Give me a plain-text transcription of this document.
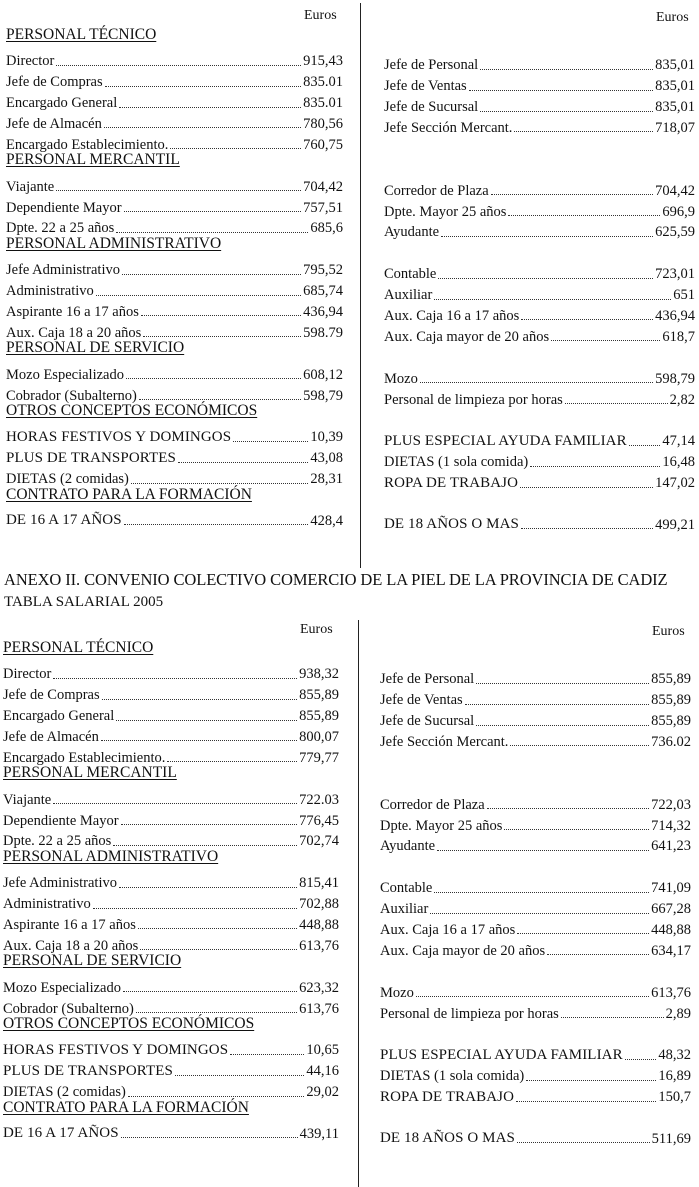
Euros	Euros
PERSONAL TÉCNICO
Director	915,43
Jefe de Compras	835.01
Encargado General	835.01
Jefe de Almacén	780,56
Encargado Establecimiento.	760,75
PERSONAL MERCANTIL
Viajante	704,42
Dependiente Mayor	757,51
Dpte. 22 a 25 años	685,6
PERSONAL ADMINISTRATIVO
Jefe Administrativo	795,52
Administrativo	685,74
Aspirante 16 a 17 años	436,94
Aux. Caja 18 a 20 años	598.79
PERSONAL DE SERVICIO
Mozo Especializado	608,12
Cobrador (Subalterno)	598,79
OTROS CONCEPTOS ECONÓMICOS
HORAS FESTIVOS Y DOMINGOS	10,39
PLUS DE TRANSPORTES	43,08
DIETAS (2 comidas)	28,31
CONTRATO PARA LA FORMACIÓN
DE 16 A 17 AÑOS	428,4
Jefe de Personal	835,01
Jefe de Ventas	835,01
Jefe de Sucursal	835,01
Jefe Sección Mercant.	718,07
Corredor de Plaza	704,42
Dpte. Mayor 25 años	696,9
Ayudante	625,59
Contable	723,01
Auxiliar	651
Aux. Caja 16 a 17 años	436,94
Aux. Caja mayor de 20 años	618,7
Mozo	598,79
Personal de limpieza por horas	2,82
PLUS ESPECIAL AYUDA FAMILIAR 47,14
DIETAS (1 sola comida)	16,48
ROPA DE TRABAJO	147,02
DE 18 AÑOS O MAS	499,21
ANEXO II. CONVENIO COLECTIVO COMERCIO DE LA PIEL DE LA PROVINCIA DE CADIZ
TABLA SALARIAL 2005
Euros	Euros
PERSONAL TÉCNICO
Director	938,32
Jefe de Compras	855,89
Encargado General	855,89
Jefe de Almacén	800,07
Encargado Establecimiento.	779,77
PERSONAL MERCANTIL
Viajante	722.03
Dependiente Mayor	776,45
Dpte. 22 a 25 años	702,74
PERSONAL ADMINISTRATIVO
Jefe Administrativo	815,41
Administrativo	702,88
Aspirante 16 a 17 años	448,88
Aux. Caja 18 a 20 años	613,76
PERSONAL DE SERVICIO
Mozo Especializado	623,32
Cobrador (Subalterno)	613,76
OTROS CONCEPTOS ECONÓMICOS
HORAS FESTIVOS Y DOMINGOS	10,65
PLUS DE TRANSPORTES	44,16
DIETAS (2 comidas)	29,02
CONTRATO PARA LA FORMACIÓN
DE 16 A 17 AÑOS	439,11
Jefe de Personal	855,89
Jefe de Ventas	855,89
Jefe de Sucursal	855,89
Jefe Sección Mercant.	736.02
Corredor de Plaza	722,03
Dpte. Mayor 25 años	714,32
Ayudante	641,23
Contable	741,09
Auxiliar	667,28
Aux. Caja 16 a 17 años	448,88
Aux. Caja mayor de 20 años	634,17
Mozo	613,76
Personal de limpieza por horas	2,89
PLUS ESPECIAL AYUDA FAMILIAR 48,32
DIETAS (1 sola comida)	16,89
ROPA DE TRABAJO	150,7
DE 18 AÑOS O MAS	511,69
